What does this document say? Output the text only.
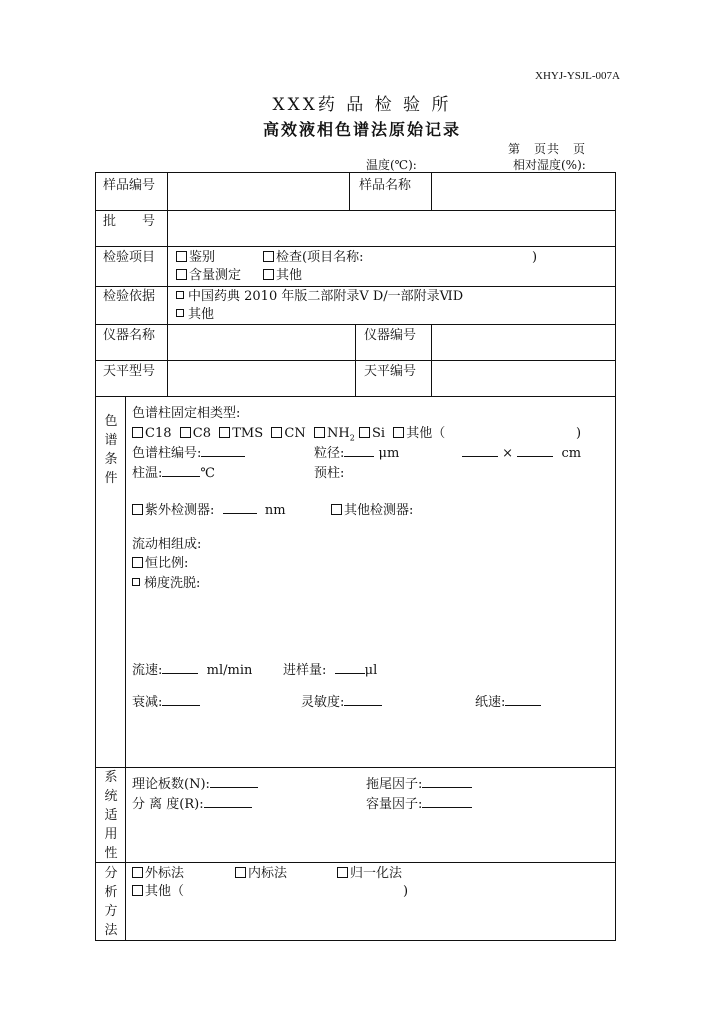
XHYJ-YSJL-007A
XXX药 品 检 验 所
高效液相色谱法原始记录
第　页共　页
温度(℃):	相对湿度(%):
样品编号	样品名称
批　　号
检验项目	鉴别	检查(项目名称:	)
含量测定	其他
检验依据	中国药典 2010 年版二部附录Ⅴ D/一部附录ⅥD
其他
仪器名称	仪器编号
天平型号	天平编号
色谱条件
色谱柱固定相类型:
C18 C8 TMS CN $NH_2$ Si 其他（	)
色谱柱编号:	粒径:	μm	×	cm
柱温:	℃	预柱:
紫外检测器:	nm	其他检测器:
流动相组成:
恒比例:
梯度洗脱:
流速:	ml/min 进样量:	μl
衰减:	灵敏度:	纸速:
系统适用性
理论板数(N):	拖尾因子:
分 离 度(R):	容量因子:
分析方法
外标法	内标法	归一化法
其他（	)
